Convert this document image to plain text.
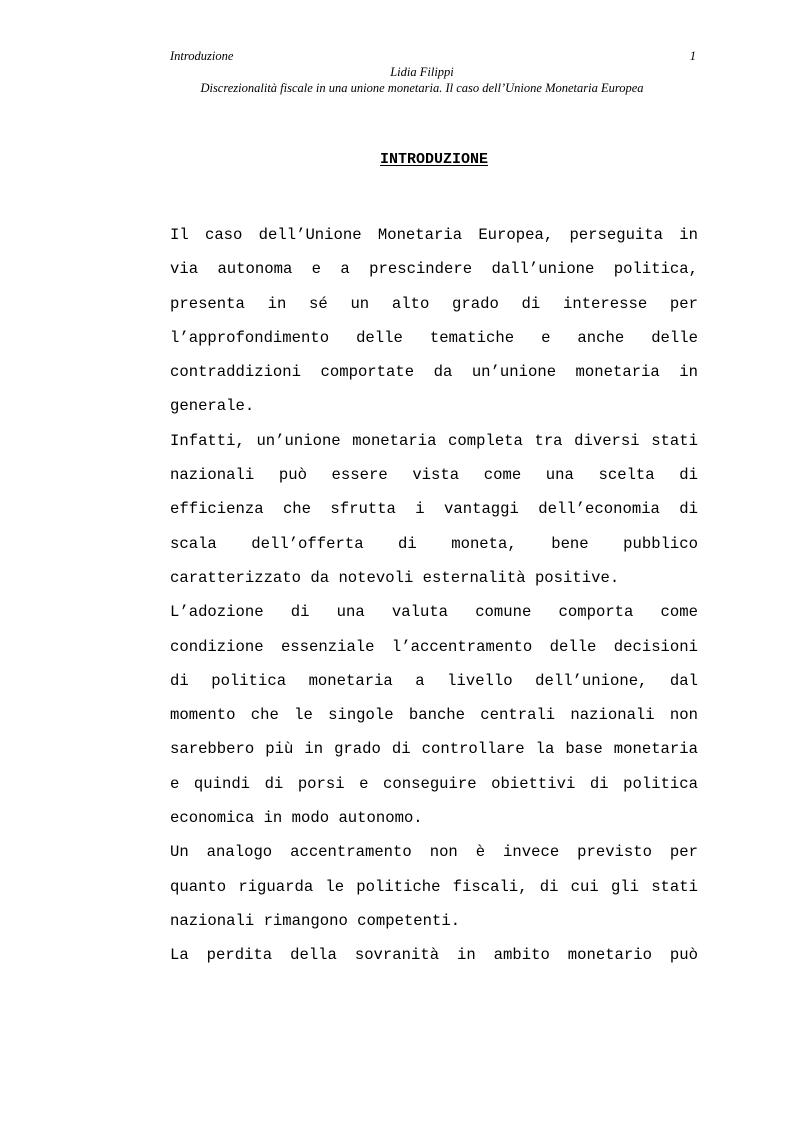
Introduzione	1
Lidia Filippi
Discrezionalità fiscale in una unione monetaria. Il caso dell’Unione Monetaria Europea
INTRODUZIONE

Il caso dell’Unione Monetaria Europea, perseguita in
via autonoma e a prescindere dall’unione politica,
presenta in sé un alto grado di interesse per
l’approfondimento delle tematiche e anche delle
contraddizioni comportate da un’unione monetaria in
generale.

Infatti, un’unione monetaria completa tra diversi stati
nazionali può essere vista come una scelta di
efficienza che sfrutta i vantaggi dell’economia di
scala dell’offerta di moneta, bene pubblico
caratterizzato da notevoli esternalità positive.

L’adozione di una valuta comune comporta come
condizione essenziale l’accentramento delle decisioni
di politica monetaria a livello dell’unione, dal
momento che le singole banche centrali nazionali non
sarebbero più in grado di controllare la base monetaria
e quindi di porsi e conseguire obiettivi di politica
economica in modo autonomo.

Un analogo accentramento non è invece previsto per
quanto riguarda le politiche fiscali, di cui gli stati
nazionali rimangono competenti.

La perdita della sovranità in ambito monetario può
